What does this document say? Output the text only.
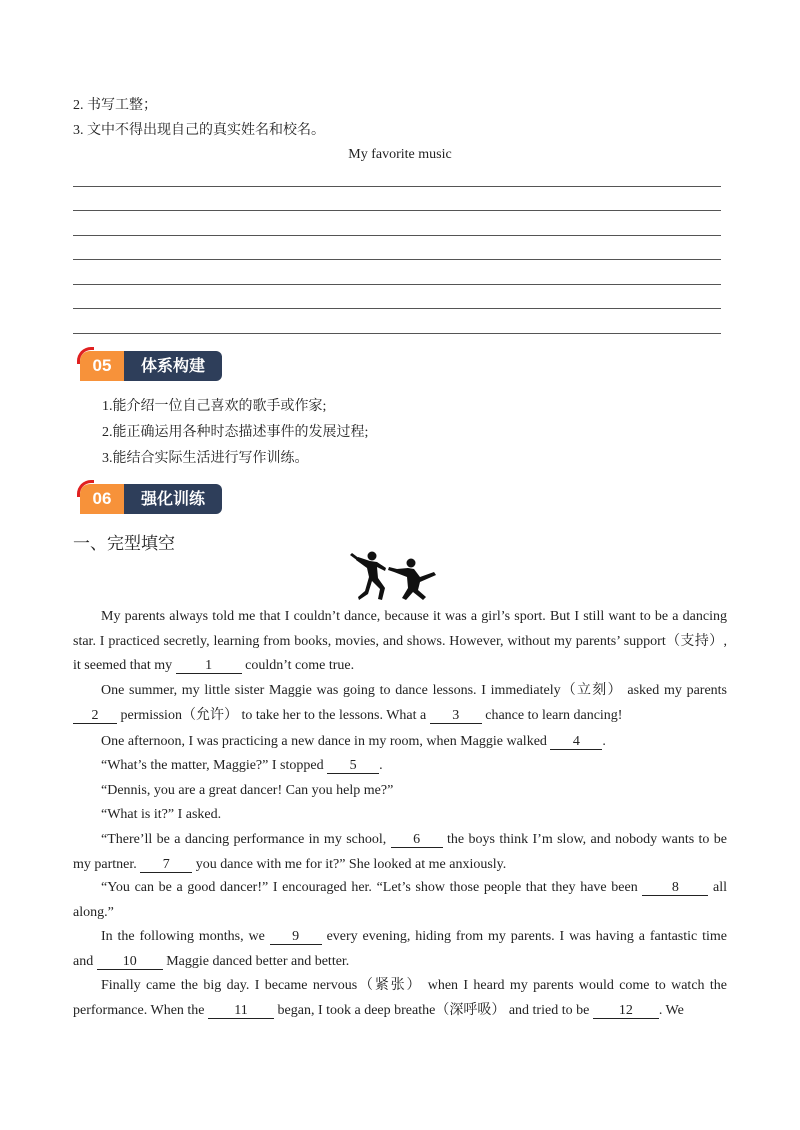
2. 书写工整；
3. 文中不得出现自己的真实姓名和校名。
My favorite music
05	体系构建
1.能介绍一位自己喜欢的歌手或作家;
2.能正确运用各种时态描述事件的发展过程;
3.能结合实际生活进行写作训练。
06	强化训练
一、完型填空

My parents always told me that I couldn’t dance, because it was a girl’s sport. But I still want to be a dancing star. I practiced secretly, learning from books, movies, and shows. However, without my parents’ support（支持）, it seemed that my 1 couldn’t come true.

One summer, my little sister Maggie was going to dance lessons. I immediately（立刻） asked my parents 2 permission（允许） to take her to the lessons. What a 3 chance to learn dancing!

One afternoon, I was practicing a new dance in my room, when Maggie walked 4 .

“What’s the matter, Maggie?” I stopped 5 .

“Dennis, you are a great dancer! Can you help me?”

“What is it?” I asked.

“There’ll be a dancing performance in my school, 6 the boys think I’m slow, and nobody wants to be my partner. 7 you dance with me for it?” She looked at me anxiously.

“You can be a good dancer!” I encouraged her. “Let’s show those people that they have been 8 all along.”

In the following months, we 9 every evening, hiding from my parents. I was having a fantastic time and 10 Maggie danced better and better.

Finally came the big day. I became nervous（紧张） when I heard my parents would come to watch the performance. When the 11 began, I took a deep breathe（深呼吸） and tried to be 12 . We
